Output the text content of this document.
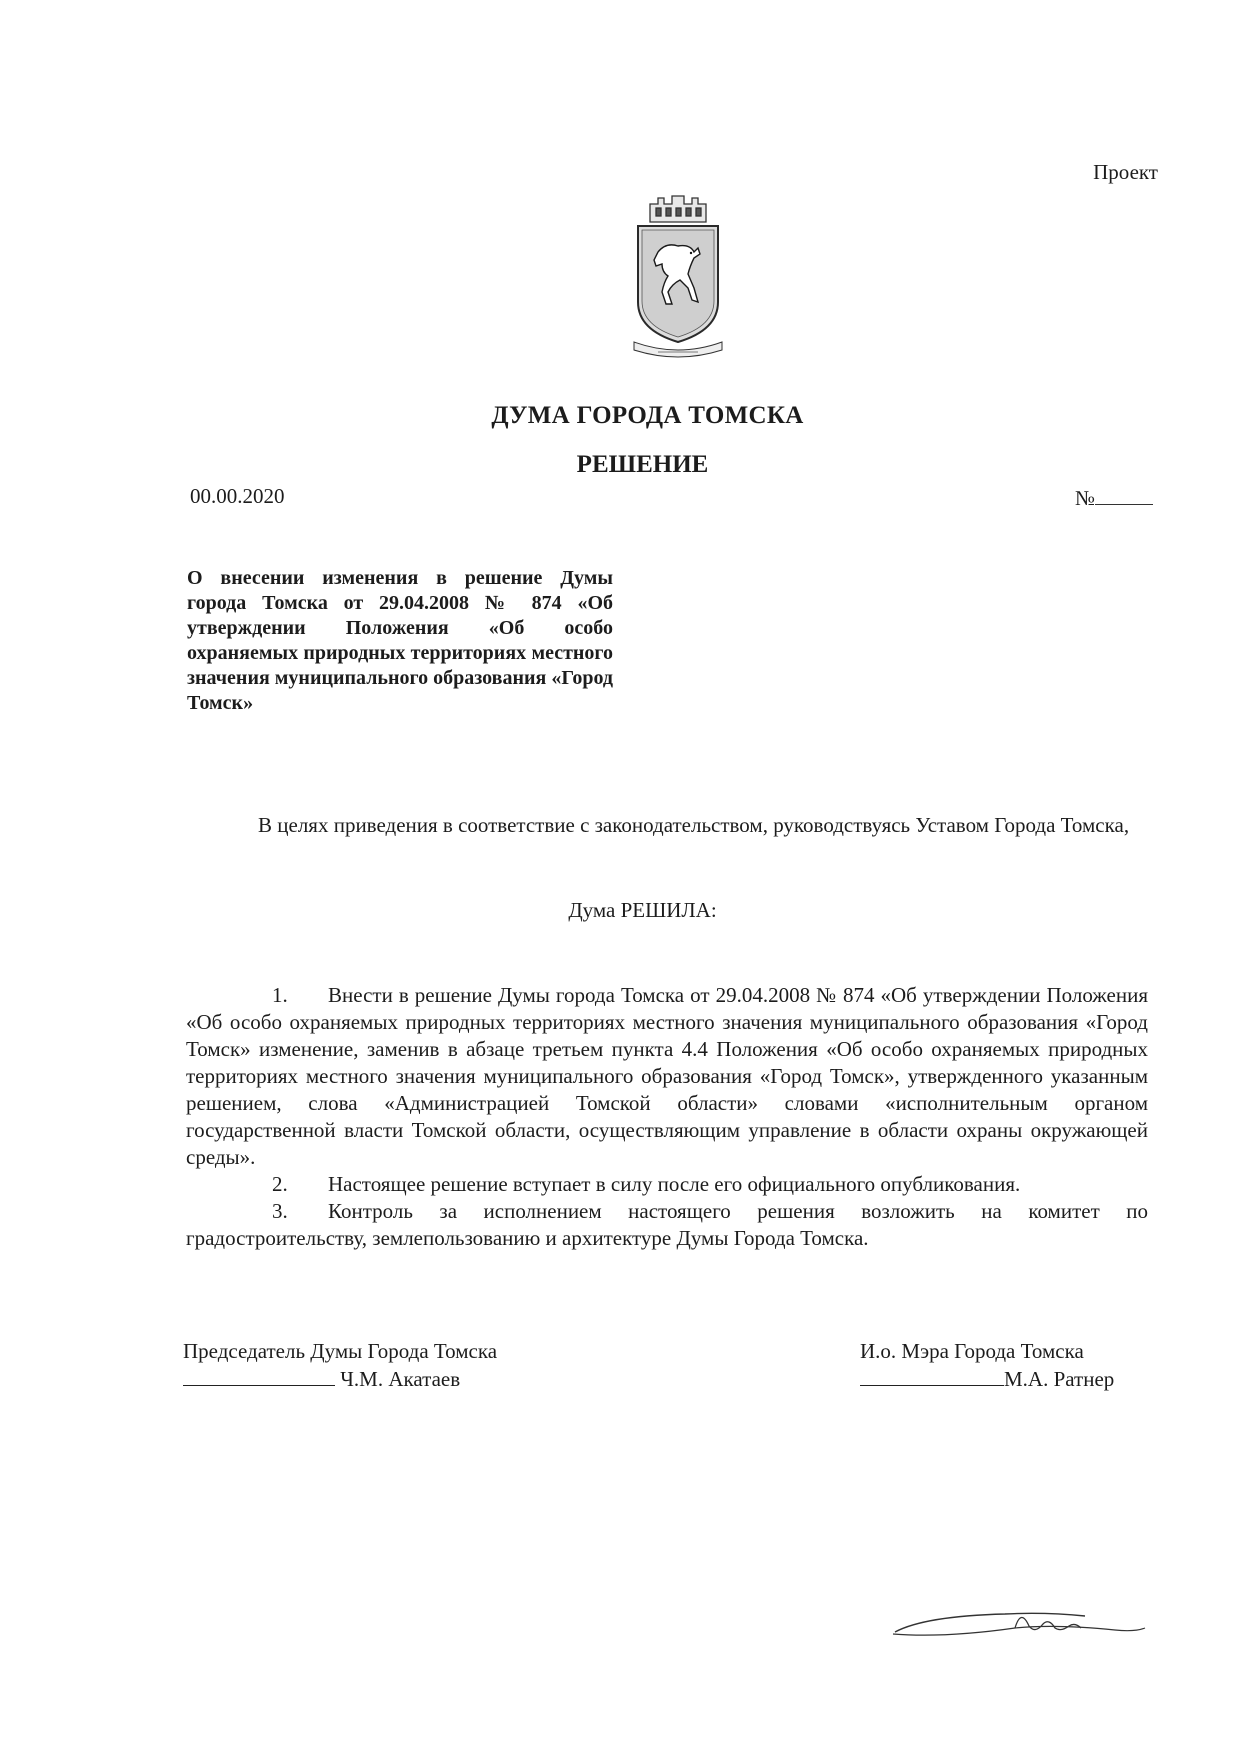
Проект
ДУМА ГОРОДА ТОМСКА
РЕШЕНИЕ
00.00.2020	№
О внесении изменения в решение Думы города Томска от 29.04.2008 № 874 «Об утверждении Положения «Об особо охраняемых природных территориях местного значения муниципального образования «Город Томск»
В целях приведения в соответствие с законодательством, руководствуясь Уставом Города Томска,
Дума РЕШИЛА:

1. Внести в решение Думы города Томска от 29.04.2008 № 874 «Об утверждении Положения «Об особо охраняемых природных территориях местного значения муниципального образования «Город Томск» изменение, заменив в абзаце третьем пункта 4.4 Положения «Об особо охраняемых природных территориях местного значения муниципального образования «Город Томск», утвержденного указанным решением, слова «Администрацией Томской области» словами «исполнительным органом государственной власти Томской области, осуществляющим управление в области охраны окружающей среды».

2. Настоящее решение вступает в силу после его официального опубликования.

3. Контроль за исполнением настоящего решения возложить на комитет по градостроительству, землепользованию и архитектуре Думы Города Томска.

Председатель Думы Города Томска
Ч.М. Акатаев
И.о. Мэра Города Томска
М.А. Ратнер
